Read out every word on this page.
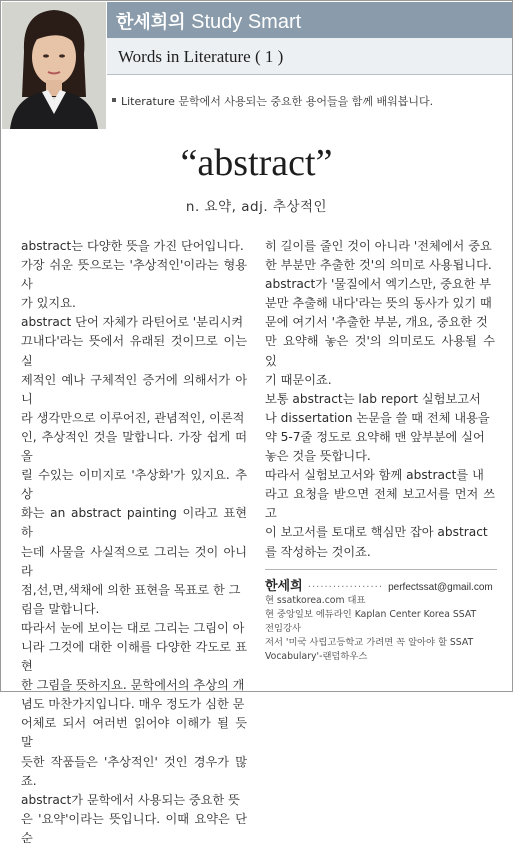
한세희의 Study Smart
Words in Literature ( 1 )
Literature 문학에서 사용되는 중요한 용어들을 함께 배워봅니다.
“abstract”
n. 요약, adj. 추상적인

abstract는 다양한 뜻을 가진 단어입니다.
가장 쉬운 뜻으로는 '추상적인'이라는 형용사
가 있지요.

abstract 단어 자체가 라틴어로 '분리시켜
끄내다'라는 뜻에서 유래된 것이므로 이는 실
제적인 예나 구체적인 증거에 의해서가 아니
라 생각만으로 이루어진, 관념적인, 이론적
인, 추상적인 것을 말합니다. 가장 쉽게 떠올
릴 수있는 이미지로 '추상화'가 있지요. 추상
화는 an abstract painting 이라고 표현하
는데 사물을 사실적으로 그리는 것이 아니라
점,선,면,색채에 의한 표현을 목표로 한 그
림을 말합니다.

따라서 눈에 보이는 대로 그리는 그림이 아
니라 그것에 대한 이해를 다양한 각도로 표현
한 그림을 뜻하지요. 문학에서의 추상의 개
념도 마찬가지입니다. 매우 정도가 심한 문
어체로 되서 여러번 읽어야 이해가 될 듯 말
듯한 작품들은 '추상적인' 것인 경우가 많죠.

abstract가 문학에서 사용되는 중요한 뜻
은 '요약'이라는 뜻입니다. 이때 요약은 단순

히 길이를 줄인 것이 아니라 '전체에서 중요
한 부분만 추출한 것'의 의미로 사용됩니다.
abstract가 '물질에서 엑기스만, 중요한 부
분만 추출해 내다'라는 뜻의 동사가 있기 때
문에 여기서 '추출한 부분, 개요, 중요한 것
만 요약해 놓은 것'의 의미로도 사용될 수 있
기 때문이죠.

보통 abstract는 lab report 실험보고서
나 dissertation 논문을 쓸 때 전체 내용을
약 5-7줄 정도로 요약해 맨 앞부분에 실어
놓은 것을 뜻합니다.

따라서 실험보고서와 함께 abstract를 내
라고 요청을 받으면 전체 보고서를 먼저 쓰고
이 보고서를 토대로 핵심만 잡아 abstract
를 작성하는 것이죠.

한세희 ·················· perfectssat@gmail.com
현 ssatkorea.com 대표
현 중앙일보 에듀라인 Kaplan Center Korea SSAT
전임강사
저서 '미국 사립고등학교 가려면 꼭 알아야 할 SSAT
Vocabulary'-랜덤하우스
